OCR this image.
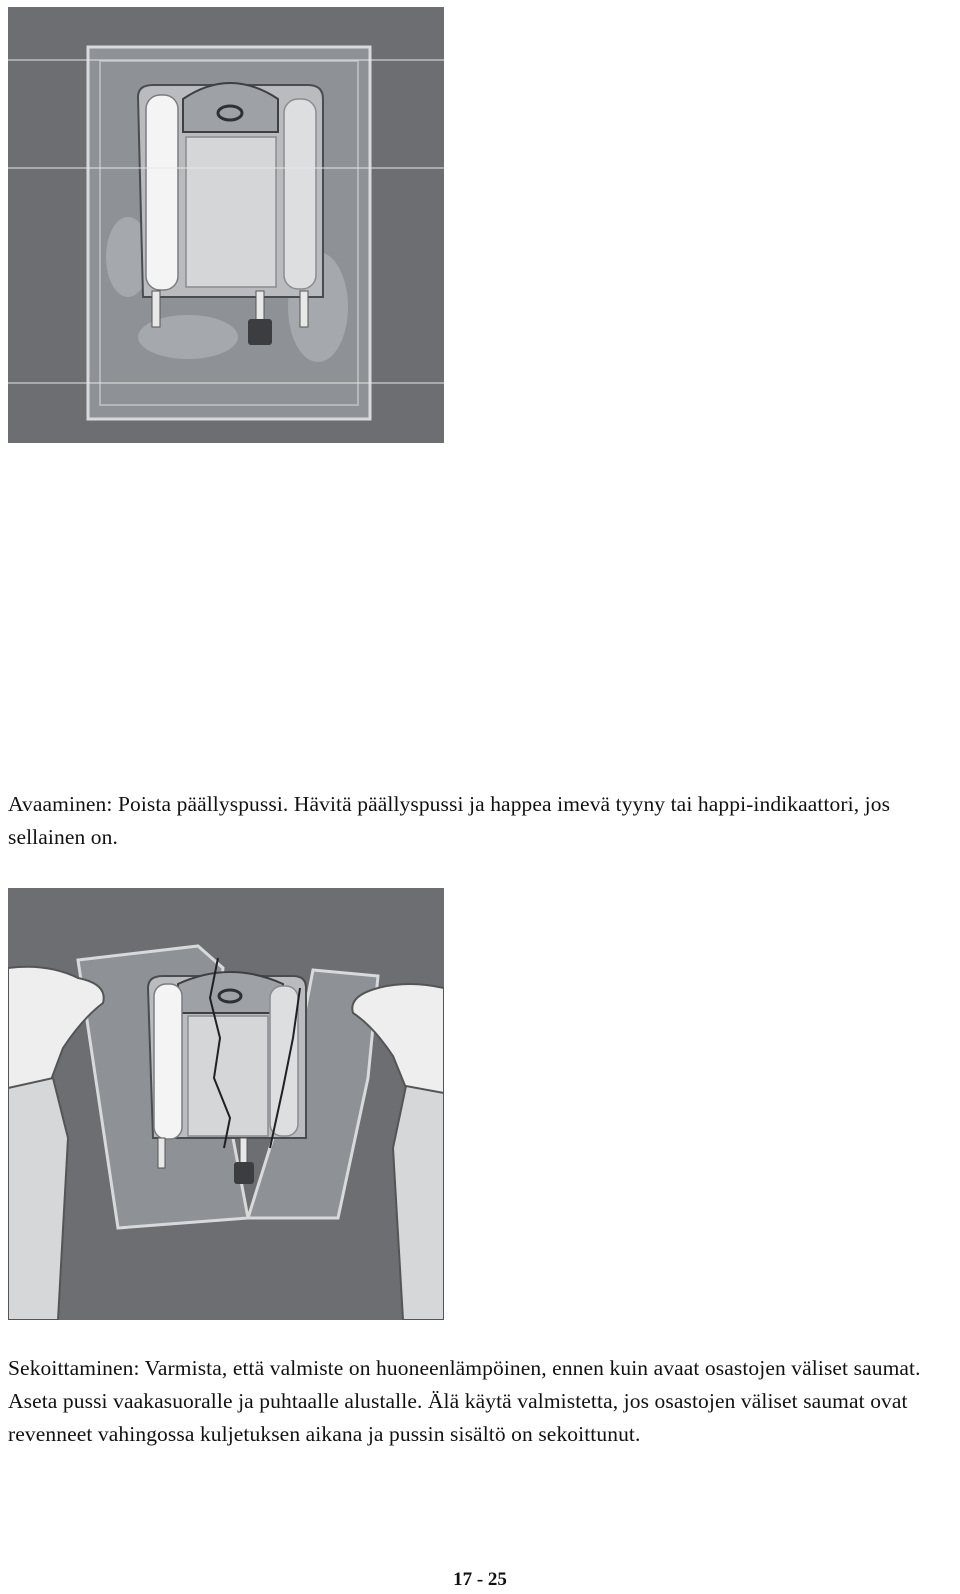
Avaaminen: Poista päällyspussi. Hävitä päällyspussi ja happea imevä tyyny tai happi-indikaattori, jos sellainen on.

Sekoittaminen: Varmista, että valmiste on huoneenlämpöinen, ennen kuin avaat osastojen väliset saumat. Aseta pussi vaakasuoralle ja puhtaalle alustalle. Älä käytä valmistetta, jos osastojen väliset saumat ovat revenneet vahingossa kuljetuksen aikana ja pussin sisältö on sekoittunut.

17 - 25
